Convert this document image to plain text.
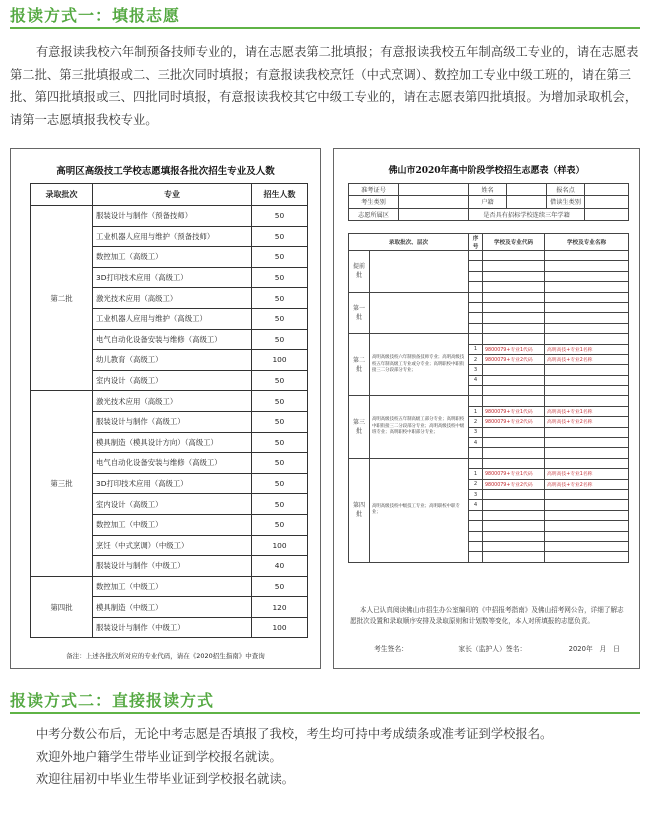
报读方式一：填报志愿
有意报读我校六年制预备技师专业的，请在志愿表第二批填报；有意报读我校五年制高级工专业的，请在志愿表第二批、第三批填报或二、三批次同时填报；有意报读我校烹饪（中式烹调）、数控加工专业中级工班的，请在第三批、第四批填报或三、四批同时填报，有意报读我校其它中级工专业的，请在志愿表第四批填报。为增加录取机会，请第一志愿填报我校专业。
高明区高级技工学校志愿填报各批次招生专业及人数
录取批次	专业	招生人数
第二批	服装设计与制作（预备技师）	50
	工业机器人应用与维护（预备技师）	50
	数控加工（高级工）	50
	3D打印技术应用（高级工）	50
	激光技术应用（高级工）	50
	工业机器人应用与维护（高级工）	50
	电气自动化设备安装与维修（高级工）	50
	幼儿教育（高级工）	100
	室内设计（高级工）	50
第三批	激光技术应用（高级工）	50
	服装设计与制作（高级工）	50
	模具制造（模具设计方向）（高级工）	50
	电气自动化设备安装与维修（高级工）	50
	3D打印技术应用（高级工）	50
	室内设计（高级工）	50
	数控加工（中级工）	50
	烹饪（中式烹调）（中级工）	100
	服装设计与制作（中级工）	40
第四批	数控加工（中级工）	50
	模具制造（中级工）	120
	服装设计与制作（中级工）	100
备注：上述各批次所对应的专业代码，请在《2020招生指南》中查询
佛山市2020年高中阶段学校招生志愿表（样表）
准考证号		姓名		报名点	
考生类别		户籍		借读生类别	
志愿所属区		是否具有招标学校连续三年学籍			
录取批次、层次		序号	学校及专业代码	学校及专业名称
提前批				

第一批				

第二批	高明高级技校六年制预备技师专业；高明高级技校五年制高级工专业或分专业；高明职校中职衔接三二分段部分专业；			
		1	9800079+专业1代码	高明高技+专业1名称
		2	9800079+专业2代码	高明高技+专业2名称
		3		
		4		

第三批	高明高级技校五年制高级工部分专业；高明职校中职衔接三二分段部分专业；高明高级技校中级班专业；高明职校中职部分专业；			
		1	9800079+专业1代码	高明高技+专业1名称
		2	9800079+专业2代码	高明高技+专业2名称
		3		
		4		

第四批	高明高级技校中级技工专业；高明职校中职专业；			
		1	9800079+专业1代码	高明高技+专业1名称
		2	9800079+专业2代码	高明高技+专业2名称
		3		
		4		

本人已认真阅读佛山市招生办公室编印的《中招报考指南》及佛山招考网公告，详细了解志愿批次设置和录取顺序安排及录取原则和计划数等变化，本人对所填报的志愿负责。
考生签名：	家长（监护人）签名：	2020年　月　日
报读方式二：直接报读方式

中考分数公布后，无论中考志愿是否填报了我校，考生均可持中考成绩条或准考证到学校报名。

欢迎外地户籍学生带毕业证到学校报名就读。

欢迎往届初中毕业生带毕业证到学校报名就读。
